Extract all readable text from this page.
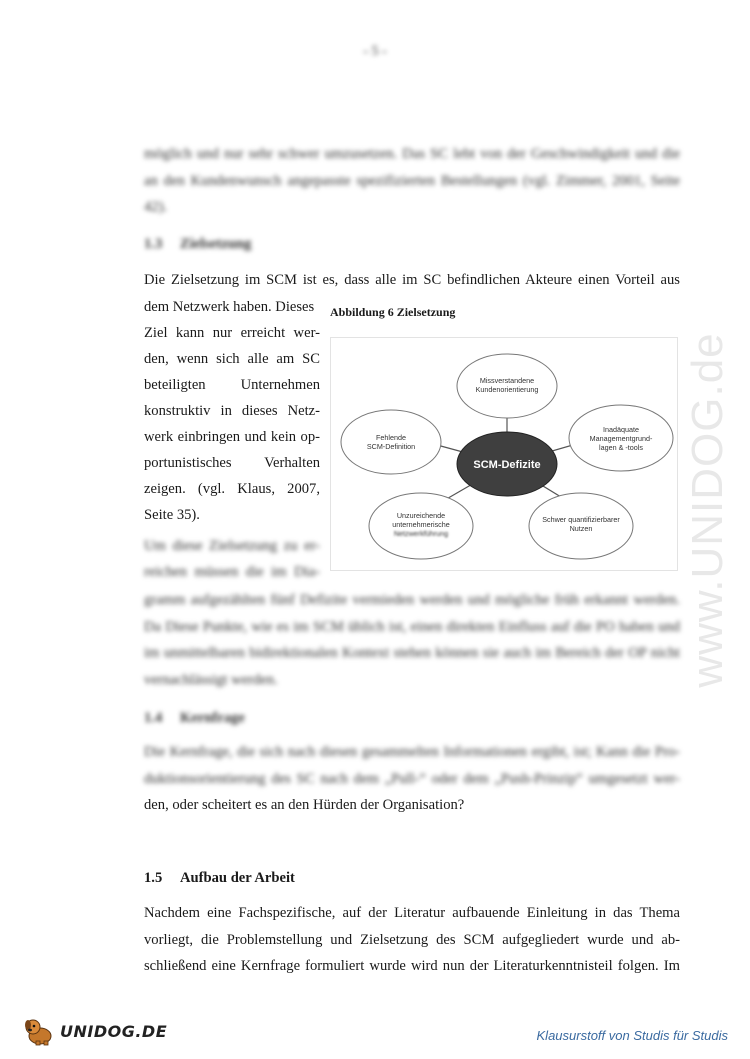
- 5 -
www.UNIDOG.de
möglich und nur sehr schwer umzusetzen. Das SC lebt von der Geschwindigkeit und die
an den Kundenwunsch angepasste spezifizierten Bestellungen (vgl. Zimmer, 2001, Seite
42).
1.3 Zielsetzung
Die Zielsetzung im SCM ist es, dass alle im SC befindlichen Akteure einen Vorteil aus
dem Netzwerk haben. Dieses
Ziel kann nur erreicht wer-
den, wenn sich alle am SC
beteiligten Unternehmen
konstruktiv in dieses Netz-
werk einbringen und kein op-
portunistisches Verhalten
zeigen. (vgl. Klaus, 2007,
Seite 35).
Um diese Zielsetzung zu er-
reichen müssen die im Dia-
gramm aufgezählten fünf Defizite vermieden werden und mögliche früh erkannt werden.
Da Diese Punkte, wie es im SCM üblich ist, einen direkten Einfluss auf die PO haben und
im unmittelbaren bidirektionalen Kontext stehen können sie auch im Bereich der OP nicht
vernachlässigt werden.
Abbildung 6 Zielsetzung
Missverstandene
Kundenorientierung
Fehlende
SCM-Definition
Inadäquate
Managementgrund-
lagen & -tools
Unzureichende
unternehmerische
Netzwerkführung
Schwer quantifizierbarer
Nutzen
SCM-Defizite
1.4 Kernfrage
Die Kernfrage, die sich nach diesen gesammelten Informationen ergibt, ist; Kann die Pro-
duktionsorientierung des SC nach dem „Pull-“ oder dem „Push-Prinzip“ umgesetzt wer-
den, oder scheitert es an den Hürden der Organisation?
1.5 Aufbau der Arbeit
Nachdem eine Fachspezifische, auf der Literatur aufbauende Einleitung in das Thema
vorliegt, die Problemstellung und Zielsetzung des SCM aufgegliedert wurde und ab-
schließend eine Kernfrage formuliert wurde wird nun der Literaturkenntnisteil folgen. Im
UNIDOG.DE	Klausurstoff von Studis für Studis
